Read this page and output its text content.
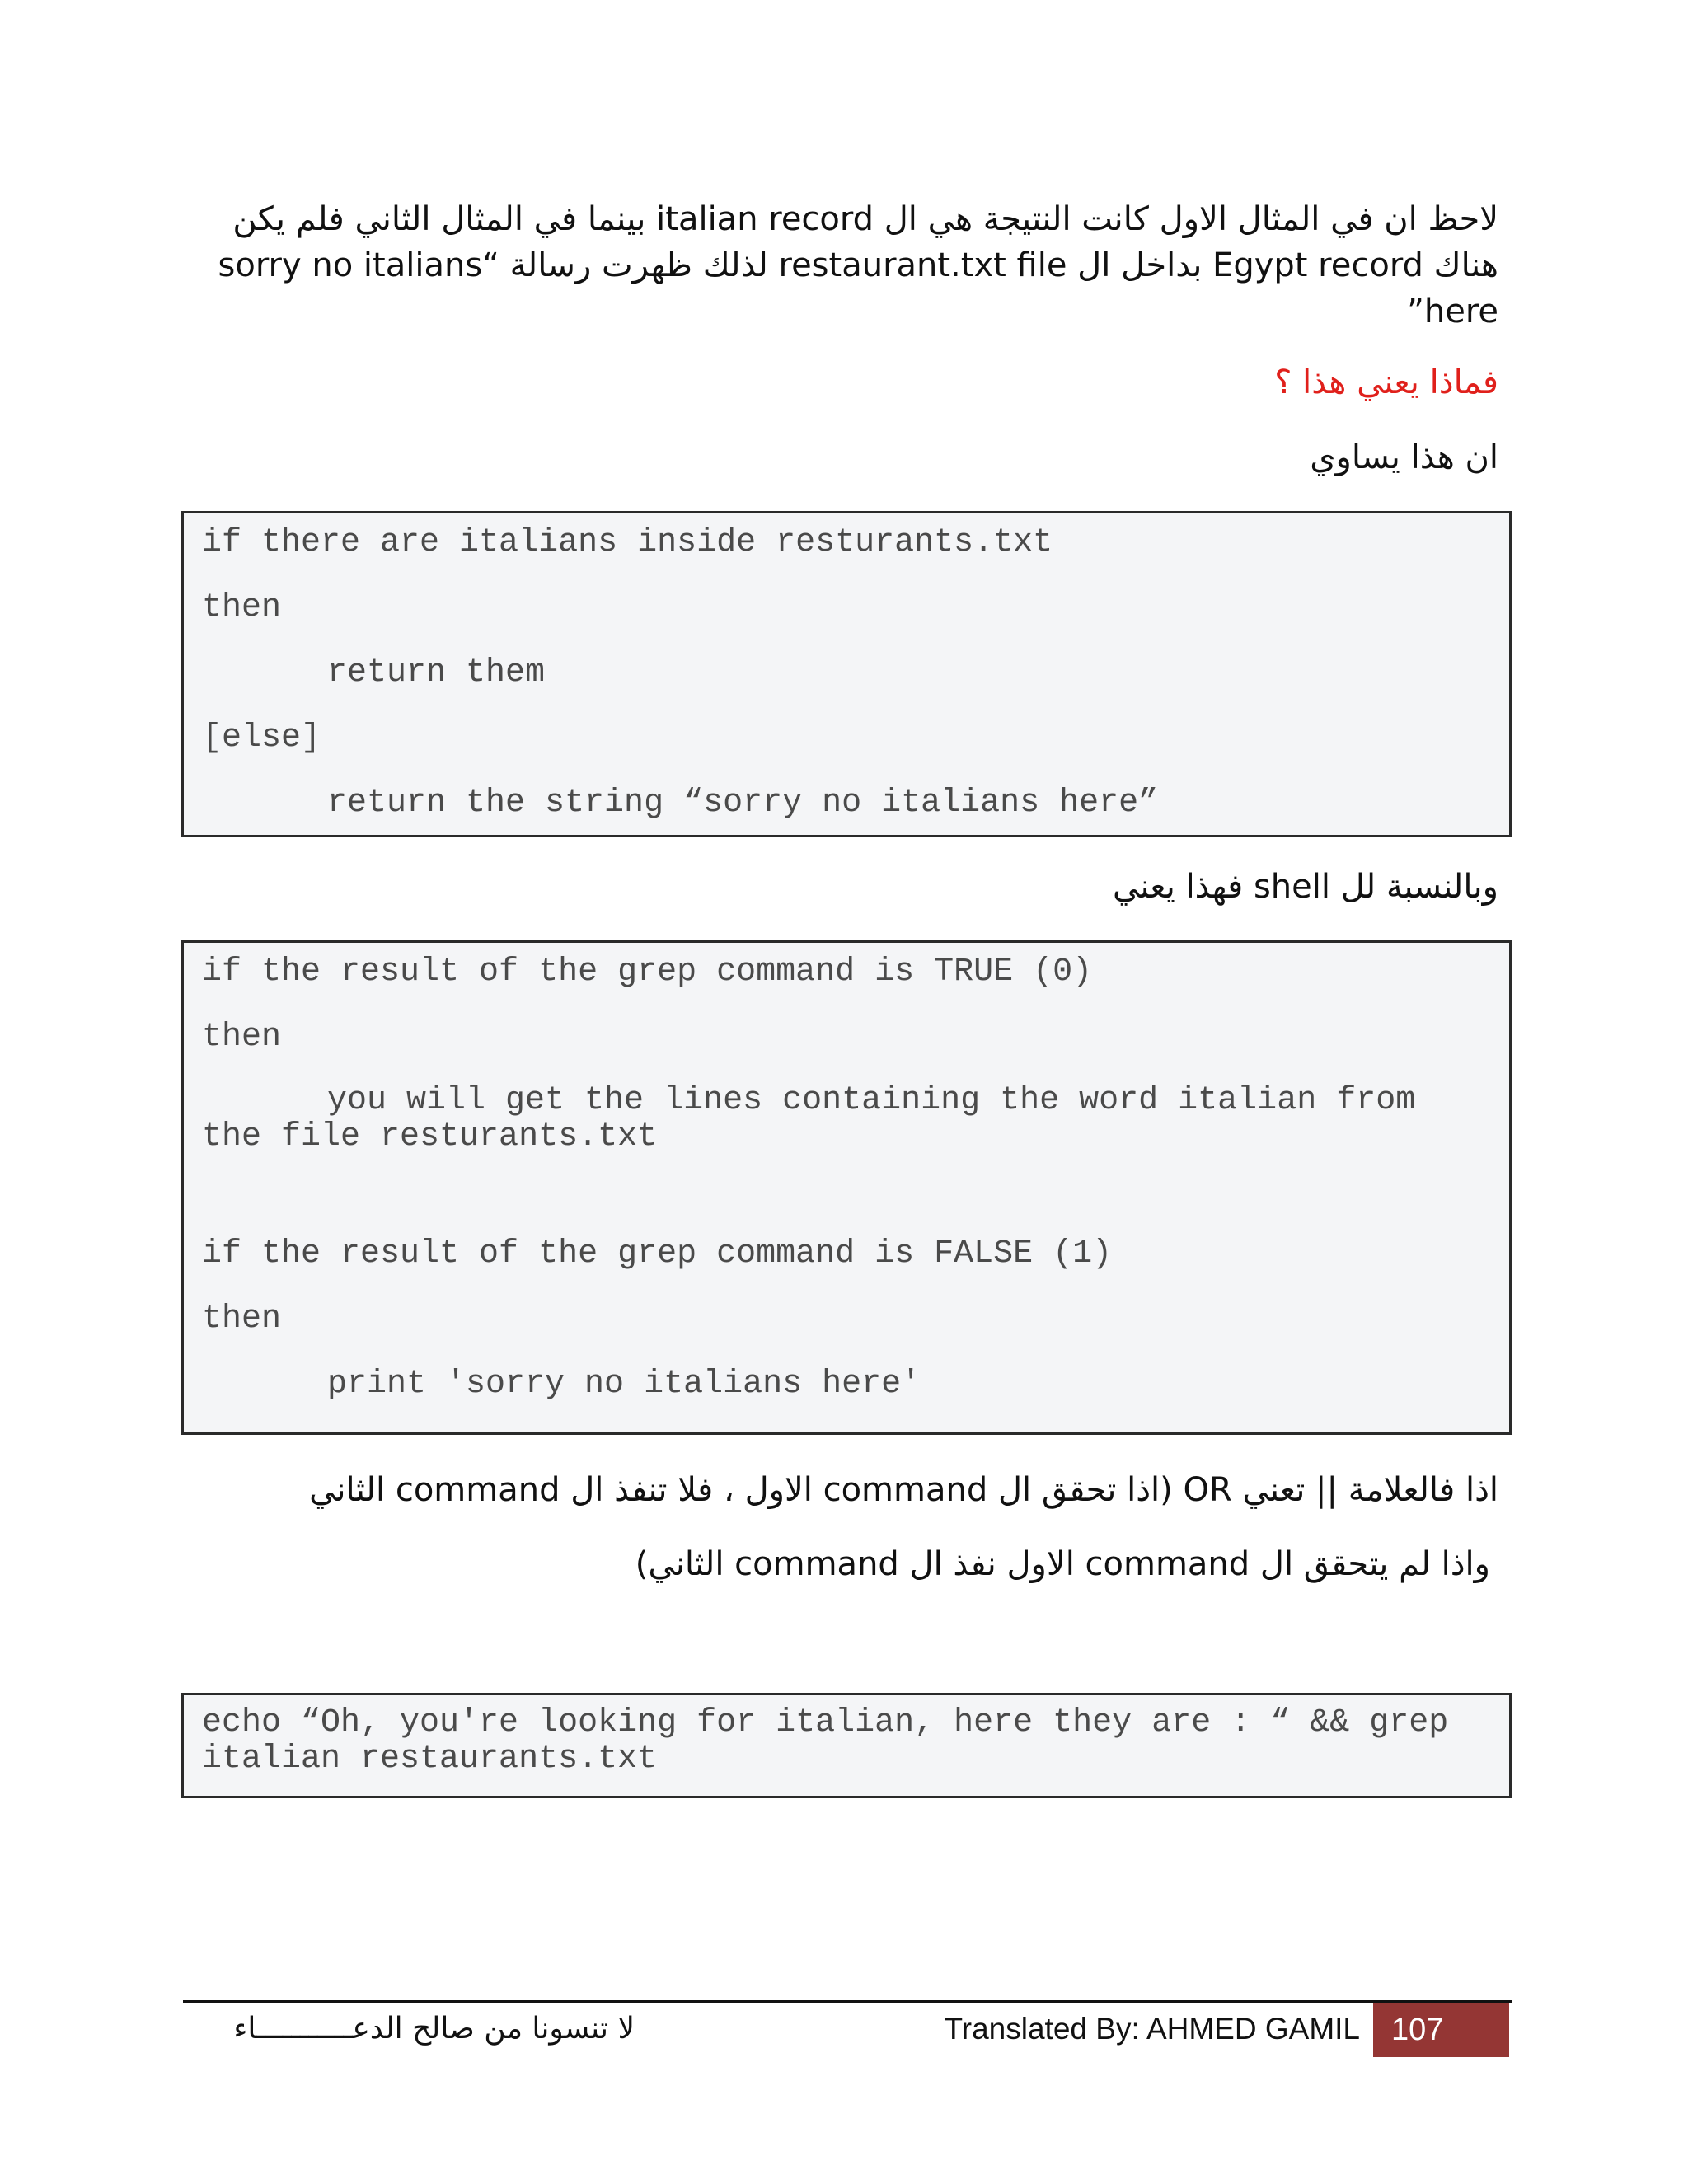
لاحظ ان في المثال الاول كانت النتيجة هي ال italian record بينما في المثال الثاني فلم يكن

هناك Egypt record بداخل ال restaurant.txt file لذلك ظهرت رسالة “sorry no italians

here”

فماذا يعني هذا ؟

ان هذا يساوي

if there are italians inside resturants.txt
then
return them
[else]
return the string “sorry no italians here”

وبالنسبة لل shell فهذا يعني

if the result of the grep command is TRUE (0)
then
you will get the lines containing the word italian from the file resturants.txt
if the result of the grep command is FALSE (1)
then
print 'sorry no italians here'

اذا فالعلامة || تعني OR (اذا تحقق ال command الاول ، فلا تنفذ ال command الثاني

واذا لم يتحقق ال command الاول نفذ ال command الثاني)

echo “Oh, you're looking for italian, here they are : “ && grep italian restaurants.txt
لا تنسونا من صالح الدعـــــــــــاء	Translated By: AHMED GAMIL	107
